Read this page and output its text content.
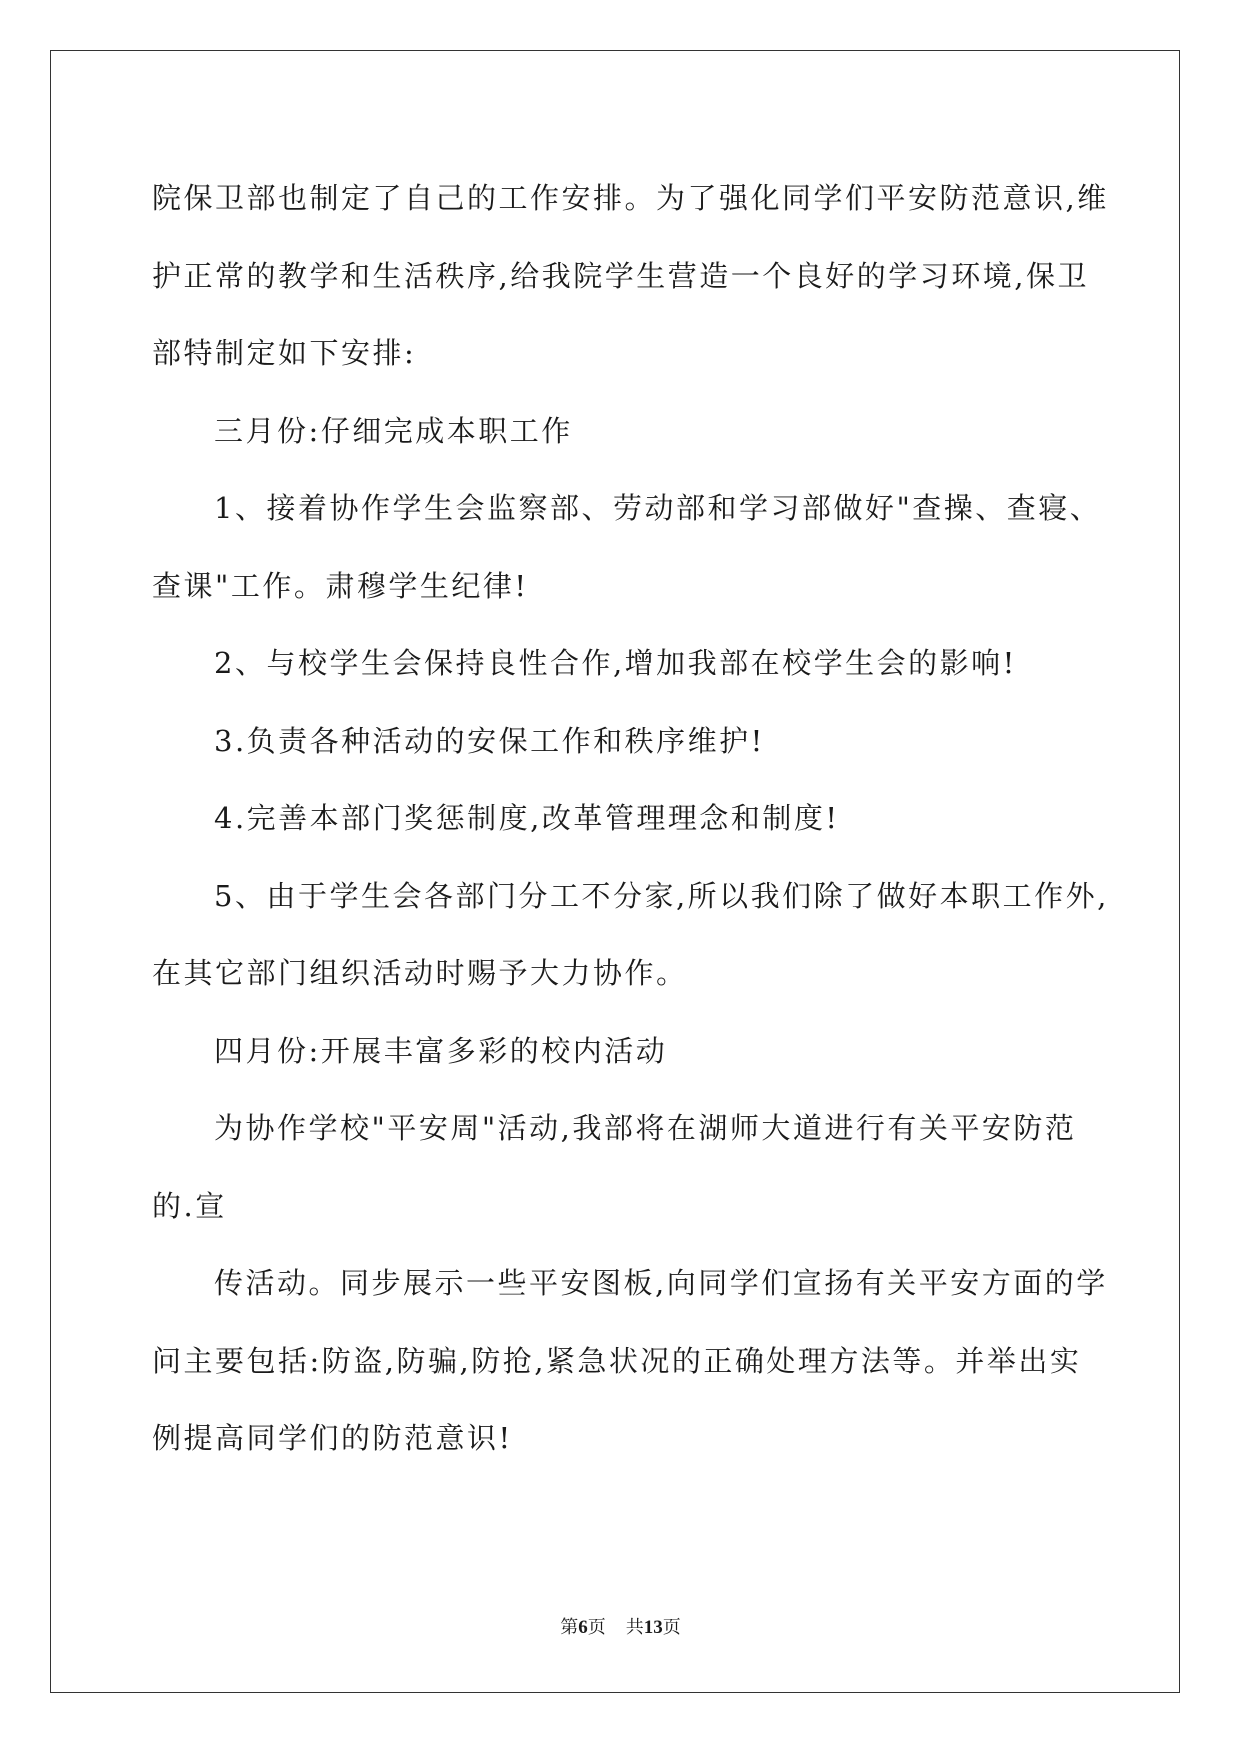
院保卫部也制定了自己的工作安排。为了强化同学们平安防范意识,维

护正常的教学和生活秩序,给我院学生营造一个良好的学习环境,保卫

部特制定如下安排:

三月份:仔细完成本职工作

1、接着协作学生会监察部、劳动部和学习部做好"查操、查寝、

查课"工作。肃穆学生纪律!

2、与校学生会保持良性合作,增加我部在校学生会的影响!

3.负责各种活动的安保工作和秩序维护!

4.完善本部门奖惩制度,改革管理理念和制度!

5、由于学生会各部门分工不分家,所以我们除了做好本职工作外,

在其它部门组织活动时赐予大力协作。

四月份:开展丰富多彩的校内活动

为协作学校"平安周"活动,我部将在湖师大道进行有关平安防范

的.宣

传活动。同步展示一些平安图板,向同学们宣扬有关平安方面的学

问主要包括:防盗,防骗,防抢,紧急状况的正确处理方法等。并举出实

例提高同学们的防范意识!

第6页 共13页
